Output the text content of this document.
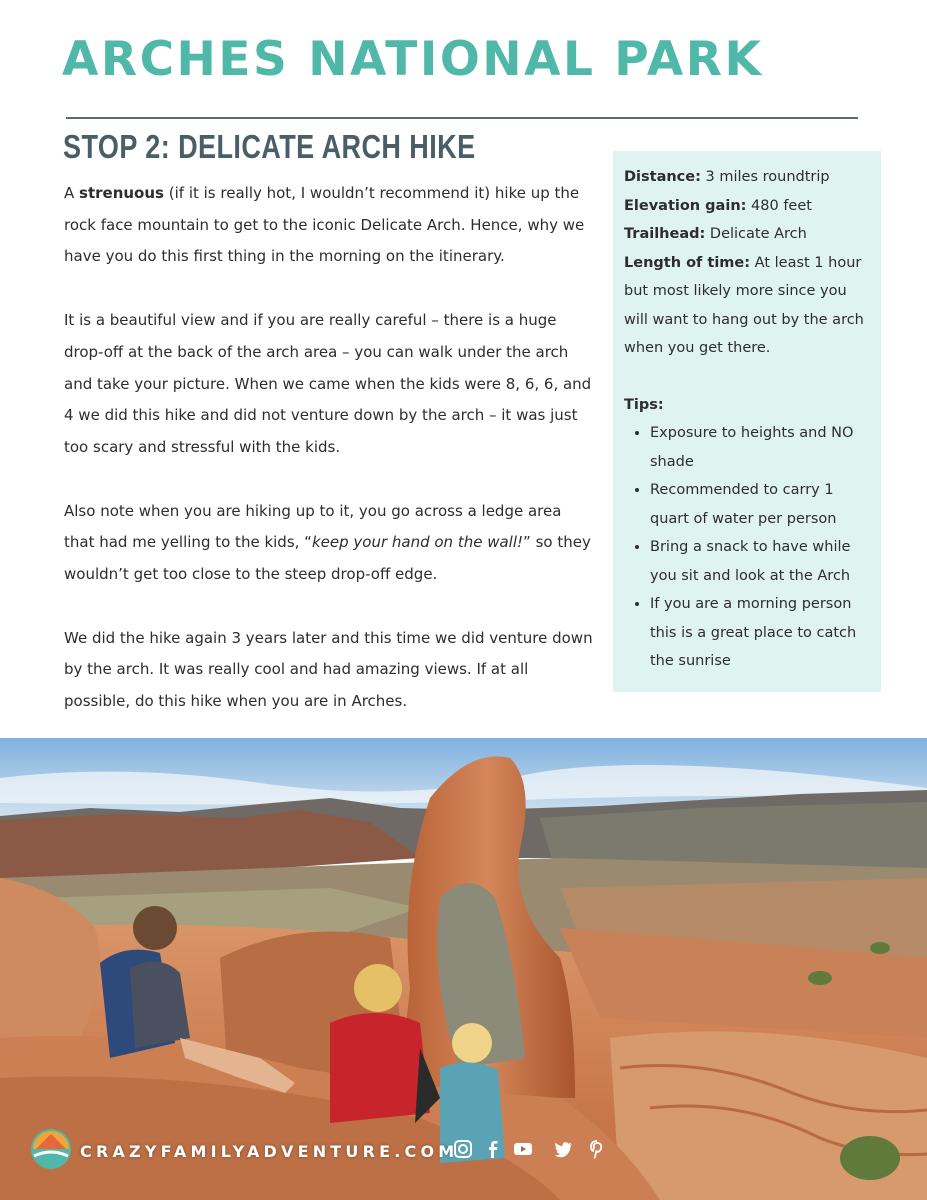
ARCHES NATIONAL PARK
STOP 2: DELICATE ARCH HIKE

A strenuous (if it is really hot, I wouldn’t recommend it) hike up the rock face mountain to get to the iconic Delicate Arch. Hence, why we have you do this first thing in the morning on the itinerary.

It is a beautiful view and if you are really careful – there is a huge drop-off at the back of the arch area – you can walk under the arch and take your picture. When we came when the kids were 8, 6, 6, and 4 we did this hike and did not venture down by the arch – it was just too scary and stressful with the kids.

Also note when you are hiking up to it, you go across a ledge area that had me yelling to the kids, “keep your hand on the wall!” so they wouldn’t get too close to the steep drop-off edge.

We did the hike again 3 years later and this time we did venture down by the arch. It was really cool and had amazing views. If at all possible, do this hike when you are in Arches.

Distance: 3 miles roundtrip
Elevation gain: 480 feet
Trailhead: Delicate Arch
Length of time: At least 1 hour but most likely more since you will want to hang out by the arch when you get there.
Tips:
• Exposure to heights and NO shade
• Recommended to carry 1 quart of water per person
• Bring a snack to have while you sit and look at the Arch
• If you are a morning person this is a great place to catch the sunrise
CRAZYFAMILYADVENTURE.COM
